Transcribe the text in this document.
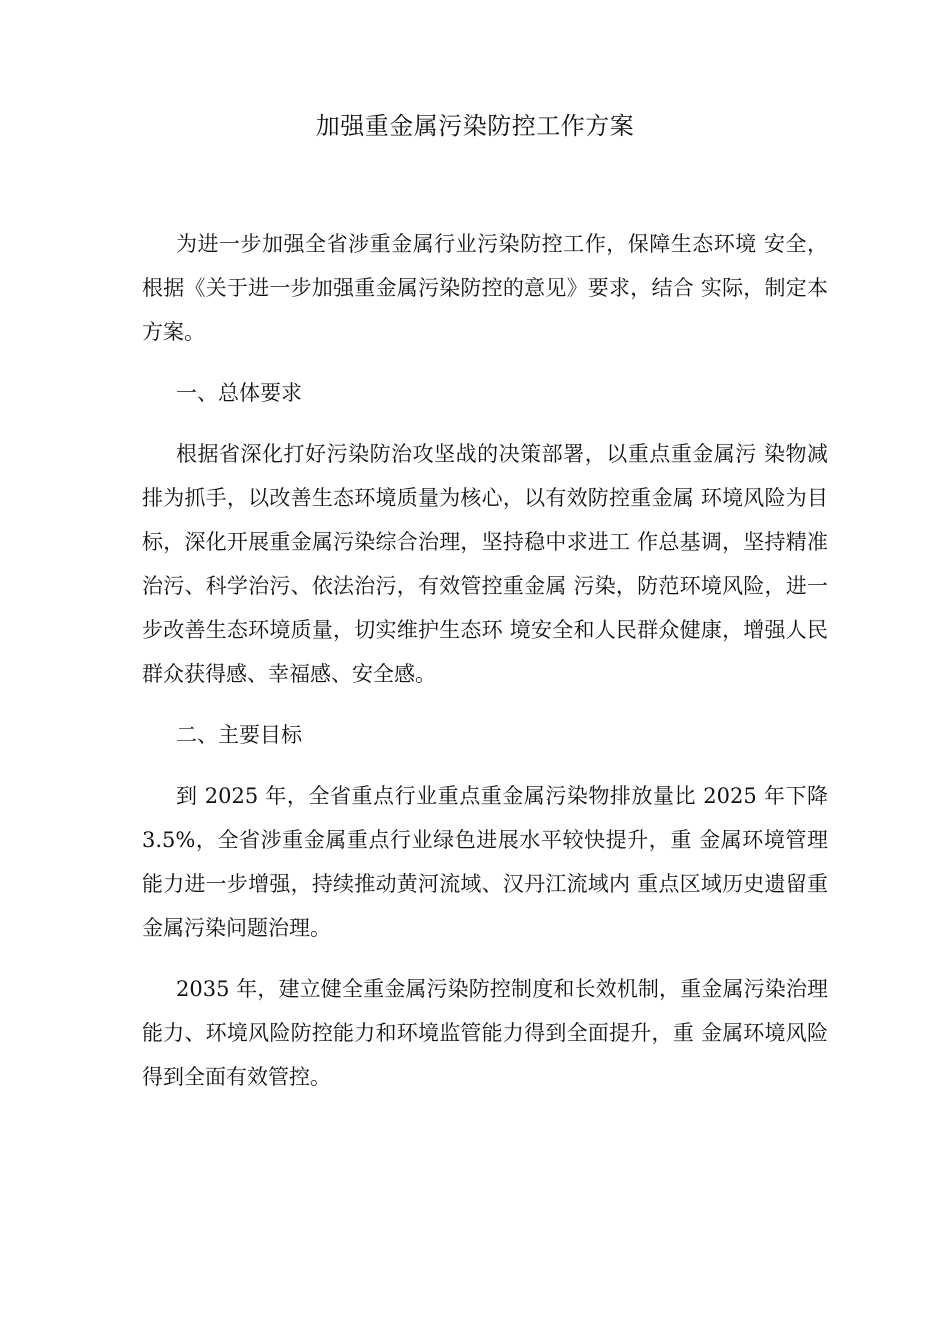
加强重金属污染防控工作方案

为进一步加强全省涉重金属行业污染防控工作，保障生态环境 安全，根据《关于进一步加强重金属污染防控的意见》要求，结合 实际，制定本方案。

一、总体要求

根据省深化打好污染防治攻坚战的决策部署，以重点重金属污 染物减排为抓手，以改善生态环境质量为核心，以有效防控重金属 环境风险为目标，深化开展重金属污染综合治理，坚持稳中求进工 作总基调，坚持精准治污、科学治污、依法治污，有效管控重金属 污染，防范环境风险，进一步改善生态环境质量，切实维护生态环 境安全和人民群众健康，增强人民群众获得感、幸福感、安全感。

二、主要目标

到 2025 年，全省重点行业重点重金属污染物排放量比 2025 年下降3.5%，全省涉重金属重点行业绿色进展水平较快提升，重 金属环境管理能力进一步增强，持续推动黄河流域、汉丹江流域内 重点区域历史遗留重金属污染问题治理。

2035 年，建立健全重金属污染防控制度和长效机制，重金属污染治理能力、环境风险防控能力和环境监管能力得到全面提升，重 金属环境风险得到全面有效管控。
